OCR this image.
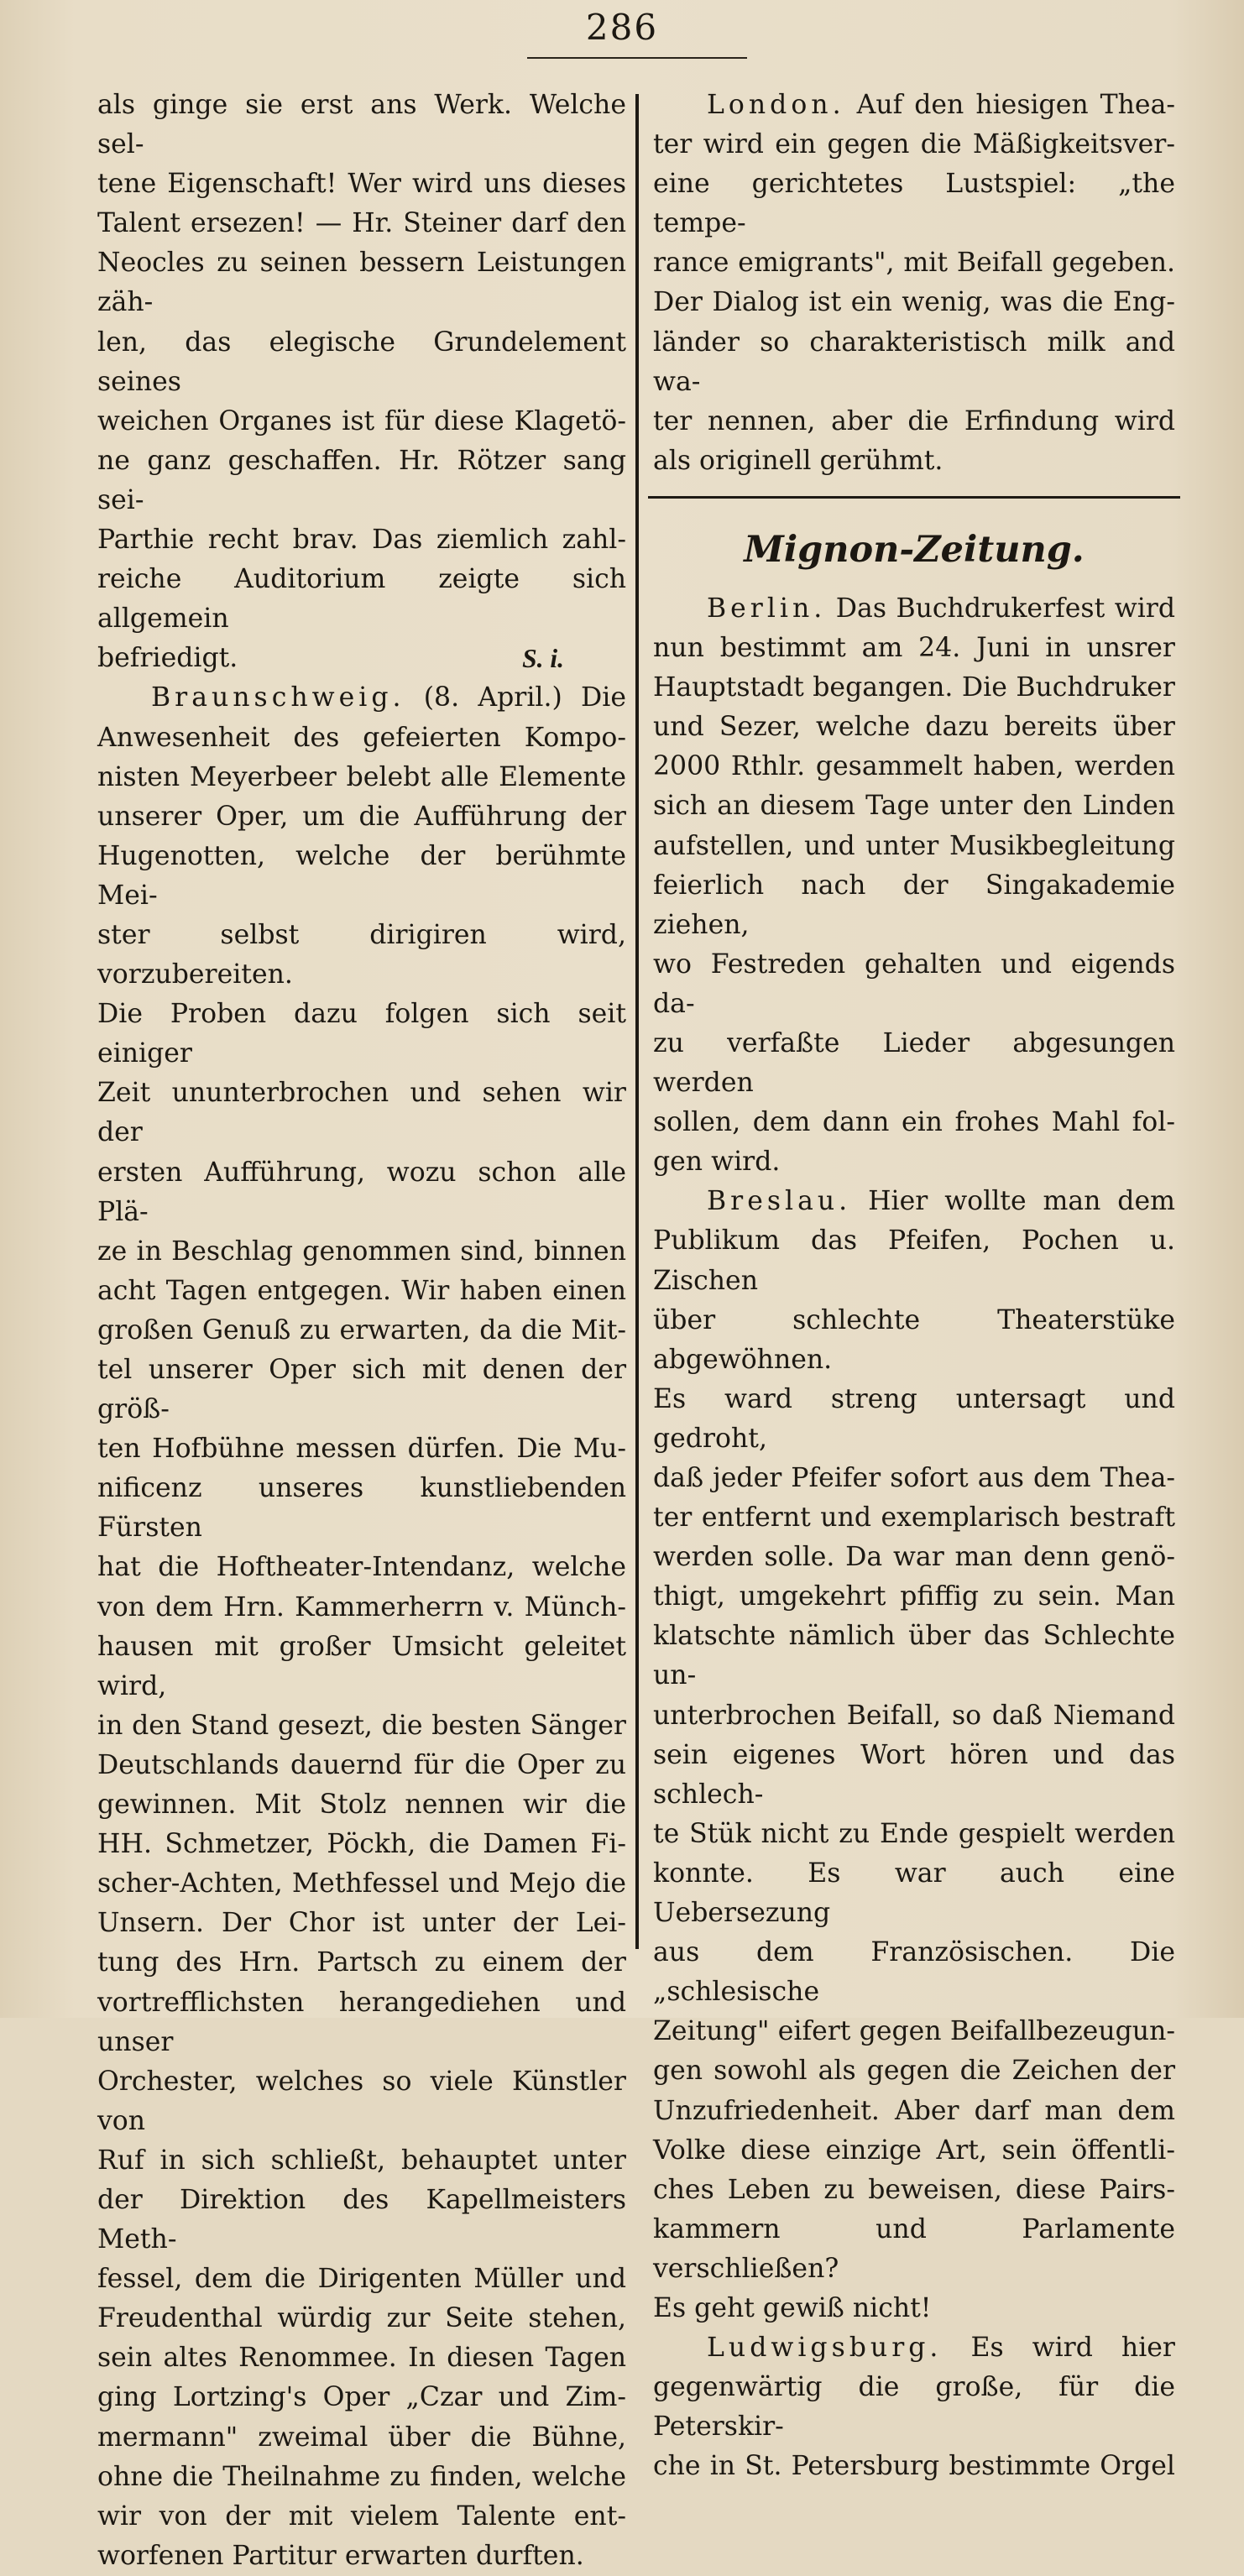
286

als ginge sie erst ans Werk. Welche sel-

tene Eigenschaft! Wer wird uns dieses

Talent ersezen! — Hr. Steiner darf den

Neocles zu seinen bessern Leistungen zäh-

len, das elegische Grundelement seines

weichen Organes ist für diese Klagetö-

ne ganz geschaffen. Hr. Rötzer sang sei-

Parthie recht brav. Das ziemlich zahl-

reiche Auditorium zeigte sich allgemein

befriedigt.	S. i.

Braunschweig. (8. April.) Die

Anwesenheit des gefeierten Kompo-

nisten Meyerbeer belebt alle Elemente

unserer Oper, um die Aufführung der

Hugenotten, welche der berühmte Mei-

ster selbst dirigiren wird, vorzubereiten.

Die Proben dazu folgen sich seit einiger

Zeit ununterbrochen und sehen wir der

ersten Aufführung, wozu schon alle Plä-

ze in Beschlag genommen sind, binnen

acht Tagen entgegen. Wir haben einen

großen Genuß zu erwarten, da die Mit-

tel unserer Oper sich mit denen der größ-

ten Hofbühne messen dürfen. Die Mu-

nificenz unseres kunstliebenden Fürsten

hat die Hoftheater-Intendanz, welche

von dem Hrn. Kammerherrn v. Münch-

hausen mit großer Umsicht geleitet wird,

in den Stand gesezt, die besten Sänger

Deutschlands dauernd für die Oper zu

gewinnen. Mit Stolz nennen wir die

HH. Schmetzer, Pöckh, die Damen Fi-

scher-Achten, Methfessel und Mejo die

Unsern. Der Chor ist unter der Lei-

tung des Hrn. Partsch zu einem der

vortrefflichsten herangediehen und unser

Orchester, welches so viele Künstler von

Ruf in sich schließt, behauptet unter

der Direktion des Kapellmeisters Meth-

fessel, dem die Dirigenten Müller und

Freudenthal würdig zur Seite stehen,

sein altes Renommee. In diesen Tagen

ging Lortzing's Oper „Czar und Zim-

mermann" zweimal über die Bühne,

ohne die Theilnahme zu finden, welche

wir von der mit vielem Talente ent-

worfenen Partitur erwarten durften.

London. Auf den hiesigen Thea-

ter wird ein gegen die Mäßigkeitsver-

eine gerichtetes Lustspiel: „the tempe-

rance emigrants", mit Beifall gegeben.

Der Dialog ist ein wenig, was die Eng-

länder so charakteristisch milk and wa-

ter nennen, aber die Erfindung wird

als originell gerühmt.

Mignon-Zeitung.

Berlin. Das Buchdrukerfest wird

nun bestimmt am 24. Juni in unsrer

Hauptstadt begangen. Die Buchdruker

und Sezer, welche dazu bereits über

2000 Rthlr. gesammelt haben, werden

sich an diesem Tage unter den Linden

aufstellen, und unter Musikbegleitung

feierlich nach der Singakademie ziehen,

wo Festreden gehalten und eigends da-

zu verfaßte Lieder abgesungen werden

sollen, dem dann ein frohes Mahl fol-

gen wird.

Breslau. Hier wollte man dem

Publikum das Pfeifen, Pochen u. Zischen

über schlechte Theaterstüke abgewöhnen.

Es ward streng untersagt und gedroht,

daß jeder Pfeifer sofort aus dem Thea-

ter entfernt und exemplarisch bestraft

werden solle. Da war man denn genö-

thigt, umgekehrt pfiffig zu sein. Man

klatschte nämlich über das Schlechte un-

unterbrochen Beifall, so daß Niemand

sein eigenes Wort hören und das schlech-

te Stük nicht zu Ende gespielt werden

konnte. Es war auch eine Uebersezung

aus dem Französischen. Die „schlesische

Zeitung" eifert gegen Beifallbezeugun-

gen sowohl als gegen die Zeichen der

Unzufriedenheit. Aber darf man dem

Volke diese einzige Art, sein öffentli-

ches Leben zu beweisen, diese Pairs-

kammern und Parlamente verschließen?

Es geht gewiß nicht!

Ludwigsburg. Es wird hier

gegenwärtig die große, für die Peterskir-

che in St. Petersburg bestimmte Orgel
